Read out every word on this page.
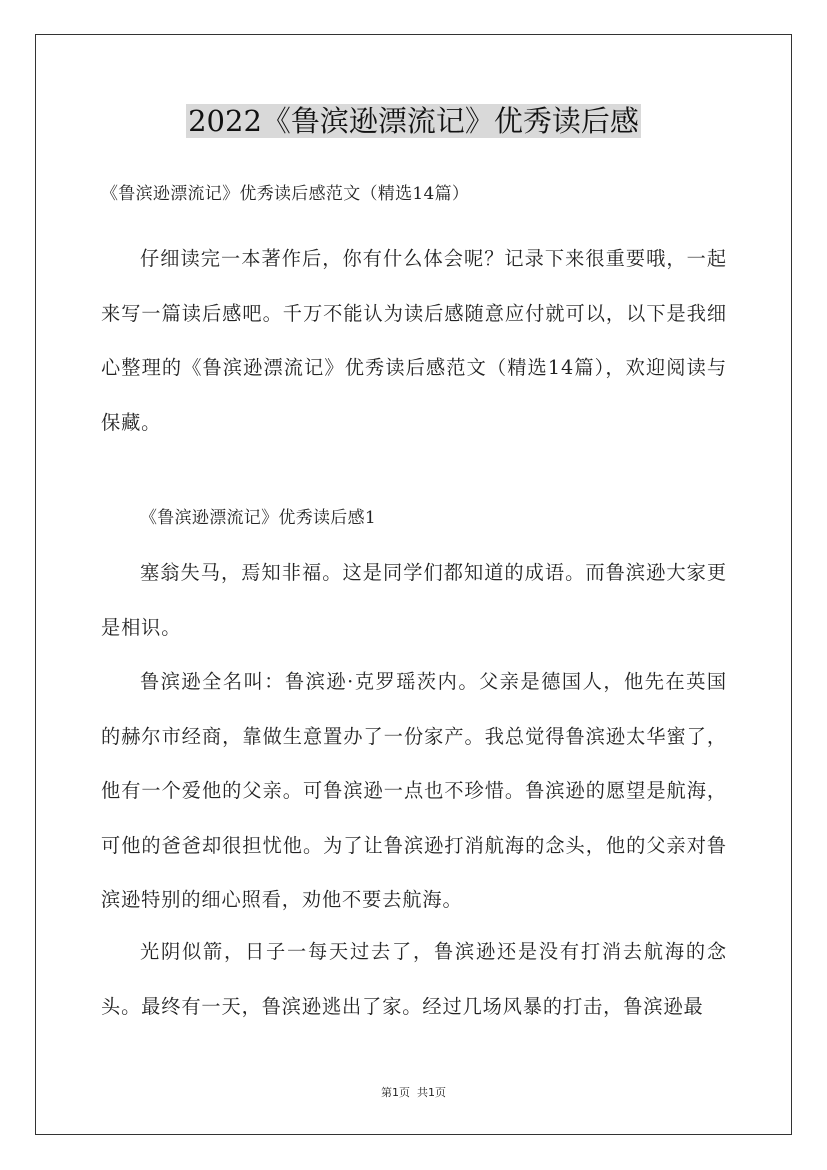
2022《鲁滨逊漂流记》优秀读后感
《鲁滨逊漂流记》优秀读后感范文（精选14篇）

仔细读完一本著作后，你有什么体会呢？记录下来很重要哦，一起来写一篇读后感吧。千万不能认为读后感随意应付就可以，以下是我细心整理的《鲁滨逊漂流记》优秀读后感范文（精选14篇），欢迎阅读与保藏。

《鲁滨逊漂流记》优秀读后感1

塞翁失马，焉知非福。这是同学们都知道的成语。而鲁滨逊大家更是相识。

鲁滨逊全名叫：鲁滨逊·克罗瑶茨内。父亲是德国人，他先在英国的赫尔市经商，靠做生意置办了一份家产。我总觉得鲁滨逊太华蜜了，他有一个爱他的父亲。可鲁滨逊一点也不珍惜。鲁滨逊的愿望是航海，可他的爸爸却很担忧他。为了让鲁滨逊打消航海的念头，他的父亲对鲁滨逊特别的细心照看，劝他不要去航海。

光阴似箭，日子一每天过去了，鲁滨逊还是没有打消去航海的念头。最终有一天，鲁滨逊逃出了家。经过几场风暴的打击，鲁滨逊最

第1页  共1页
